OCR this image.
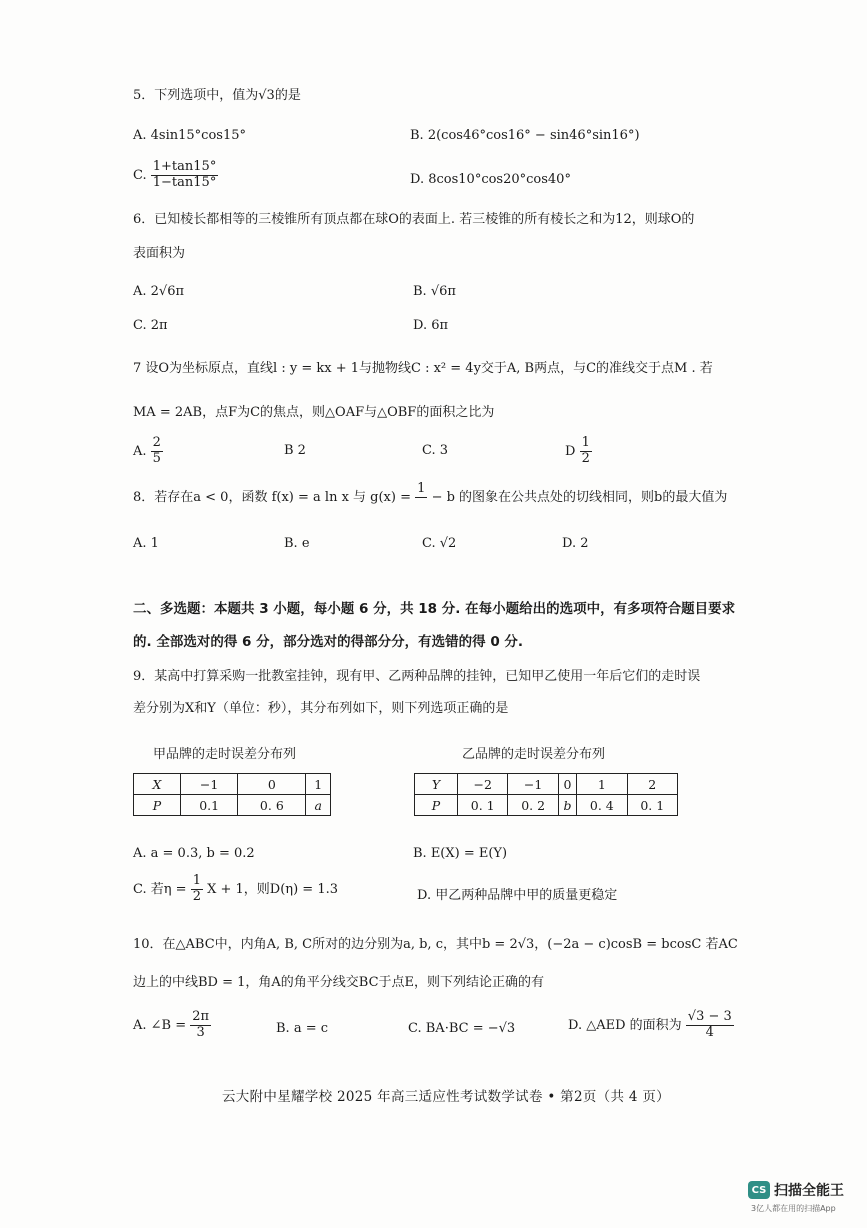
5．下列选项中，值为√3的是
A. 4sin15°cos15°	B. 2(cos46°cos16° − sin46°sin16°)
C. $\frac{1+\tan 15^\circ}{1-\tan 15^\circ}$	D. 8cos10°cos20°cos40°
6．已知棱长都相等的三棱锥所有顶点都在球O的表面上. 若三棱锥的所有棱长之和为12，则球O的
表面积为
A. 2√6π	B. √6π
C. 2π	D. 6π
7 设O为坐标原点，直线l : y = kx + 1与抛物线C : x² = 4y交于A, B两点，与C的准线交于点M . 若
MA = 2AB，点F为C的焦点，则△OAF与△OBF的面积之比为
A. $\frac{2}{5}$	B 2	C. 3	D $\frac{1}{2}$
8．若存在a < 0，函数 f(x) = a ln x 与 g(x) =
1

− b 的图象在公共点处的切线相同，则b的最大值为
A. 1	B. e	C. √2	D. 2
二、多选题：本题共 3 小题，每小题 6 分，共 18 分. 在每小题给出的选项中，有多项符合题目要求
的. 全部选对的得 6 分，部分选对的得部分分，有选错的得 0 分.
9．某高中打算采购一批教室挂钟，现有甲、乙两种品牌的挂钟，已知甲乙使用一年后它们的走时误
差分别为X和Y（单位：秒），其分布列如下，则下列选项正确的是
甲品牌的走时误差分布列
X	−1	0	1
P	0.1	0. 6	a
乙品牌的走时误差分布列
Y	−2	−1	0	1	2
P	0. 1	0. 2	b	0. 4	0. 1
A. a = 0.3, b = 0.2	B. E(X) = E(Y)
C. 若$\eta = \frac{1}{2}$ X + 1，则D(η) = 1.3	D. 甲乙两种品牌中甲的质量更稳定
10．在△ABC中，内角A, B, C所对的边分别为a, b, c，其中b = 2√3，(−2a − c)cosB = bcosC 若AC
边上的中线BD = 1，角A的角平分线交BC于点E，则下列结论正确的有
A. ∠B = $\frac{2\pi}{3}$	B. a = c	C. BA·BC = −√3	D. △AED 的面积为 $\frac{√3 - 3}{4}$
云大附中星耀学校 2025 年高三适应性考试数学试卷 • 第2页（共 4 页）
CS 扫描全能王
3亿人都在用的扫描App
